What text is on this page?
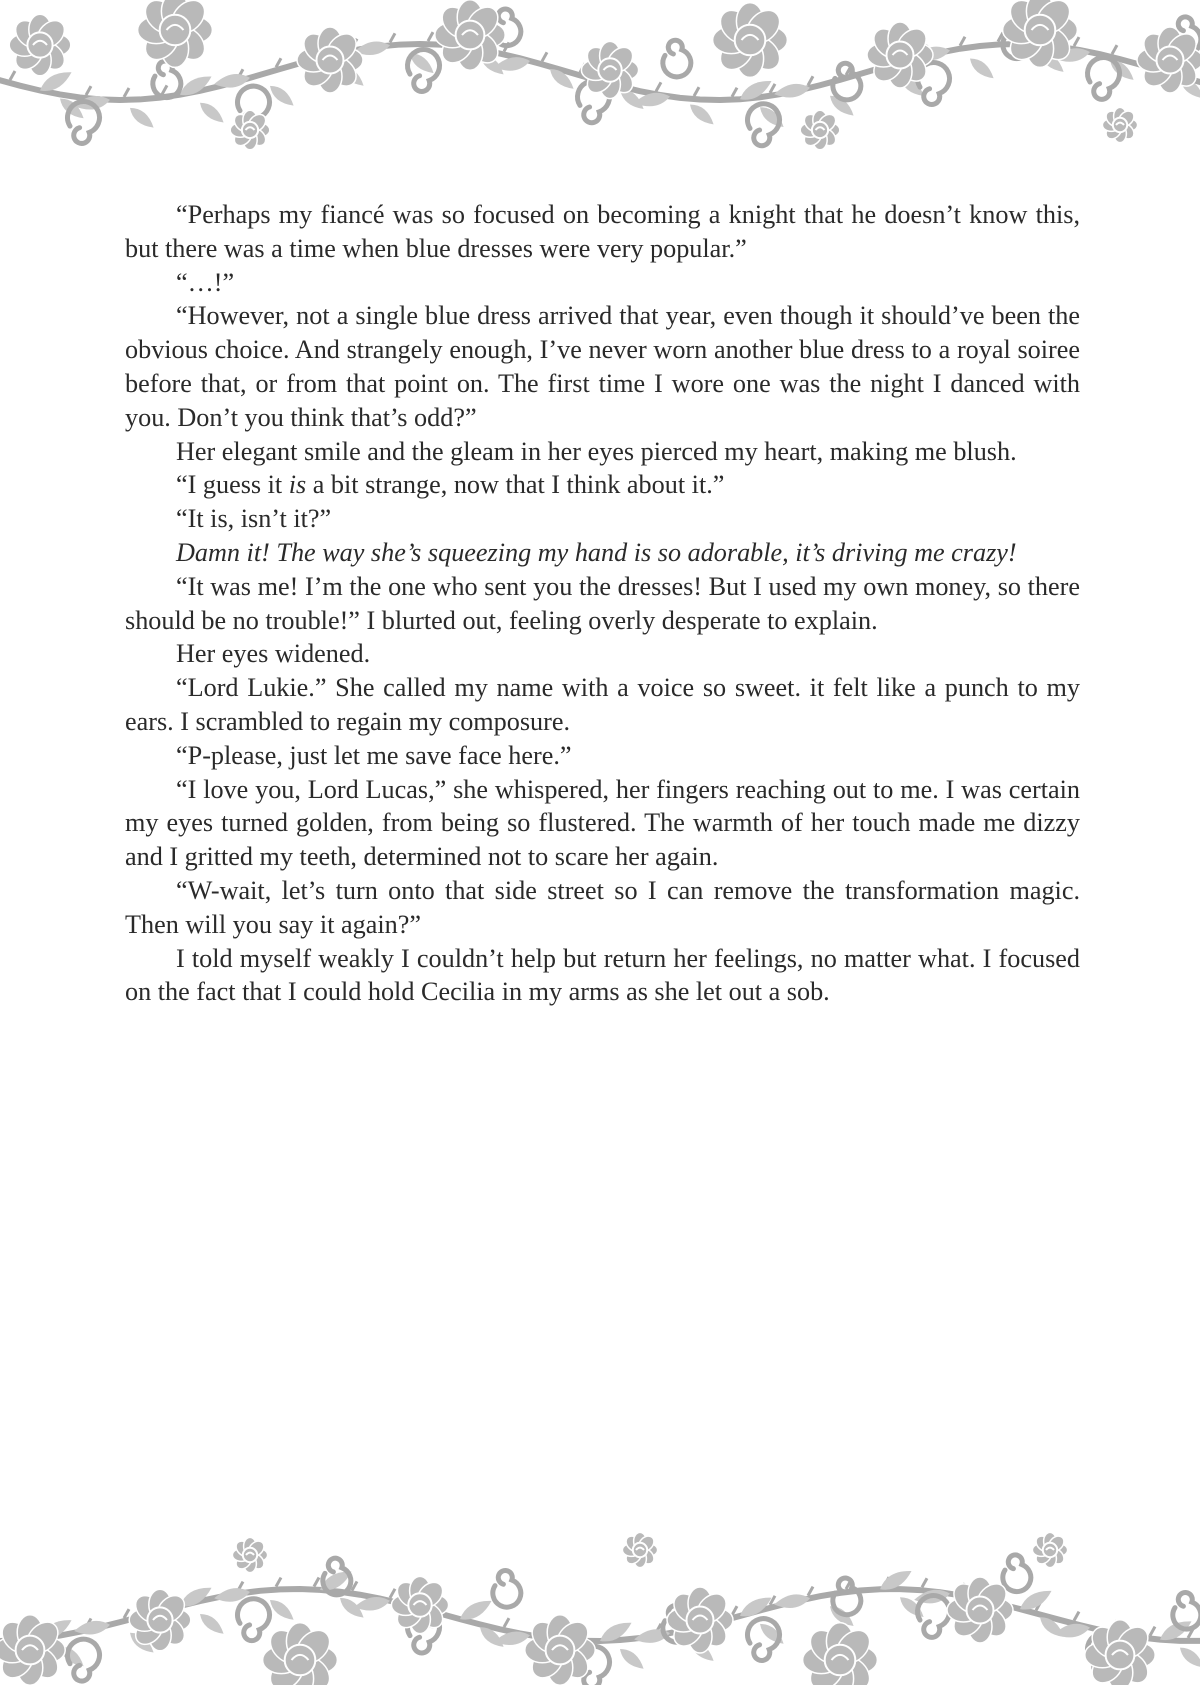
“Perhaps my fiancé was so focused on becoming a knight that he doesn’t know this, but there was a time when blue dresses were very popular.”

“…!”

“However, not a single blue dress arrived that year, even though it should’ve been the obvious choice. And strangely enough, I’ve never worn another blue dress to a royal soiree before that, or from that point on. The first time I wore one was the night I danced with you. Don’t you think that’s odd?”

Her elegant smile and the gleam in her eyes pierced my heart, making me blush.

“I guess it is a bit strange, now that I think about it.”

“It is, isn’t it?”

Damn it! The way she’s squeezing my hand is so adorable, it’s driving me crazy!

“It was me! I’m the one who sent you the dresses! But I used my own money, so there should be no trouble!” I blurted out, feeling overly desperate to explain.

Her eyes widened.

“Lord Lukie.” She called my name with a voice so sweet. it felt like a punch to my ears. I scrambled to regain my composure.

“P-please, just let me save face here.”

“I love you, Lord Lucas,” she whispered, her fingers reaching out to me. I was certain my eyes turned golden, from being so flustered. The warmth of her touch made me dizzy and I gritted my teeth, determined not to scare her again.

“W-wait, let’s turn onto that side street so I can remove the transformation magic. Then will you say it again?”

I told myself weakly I couldn’t help but return her feelings, no matter what. I focused on the fact that I could hold Cecilia in my arms as she let out a sob.
